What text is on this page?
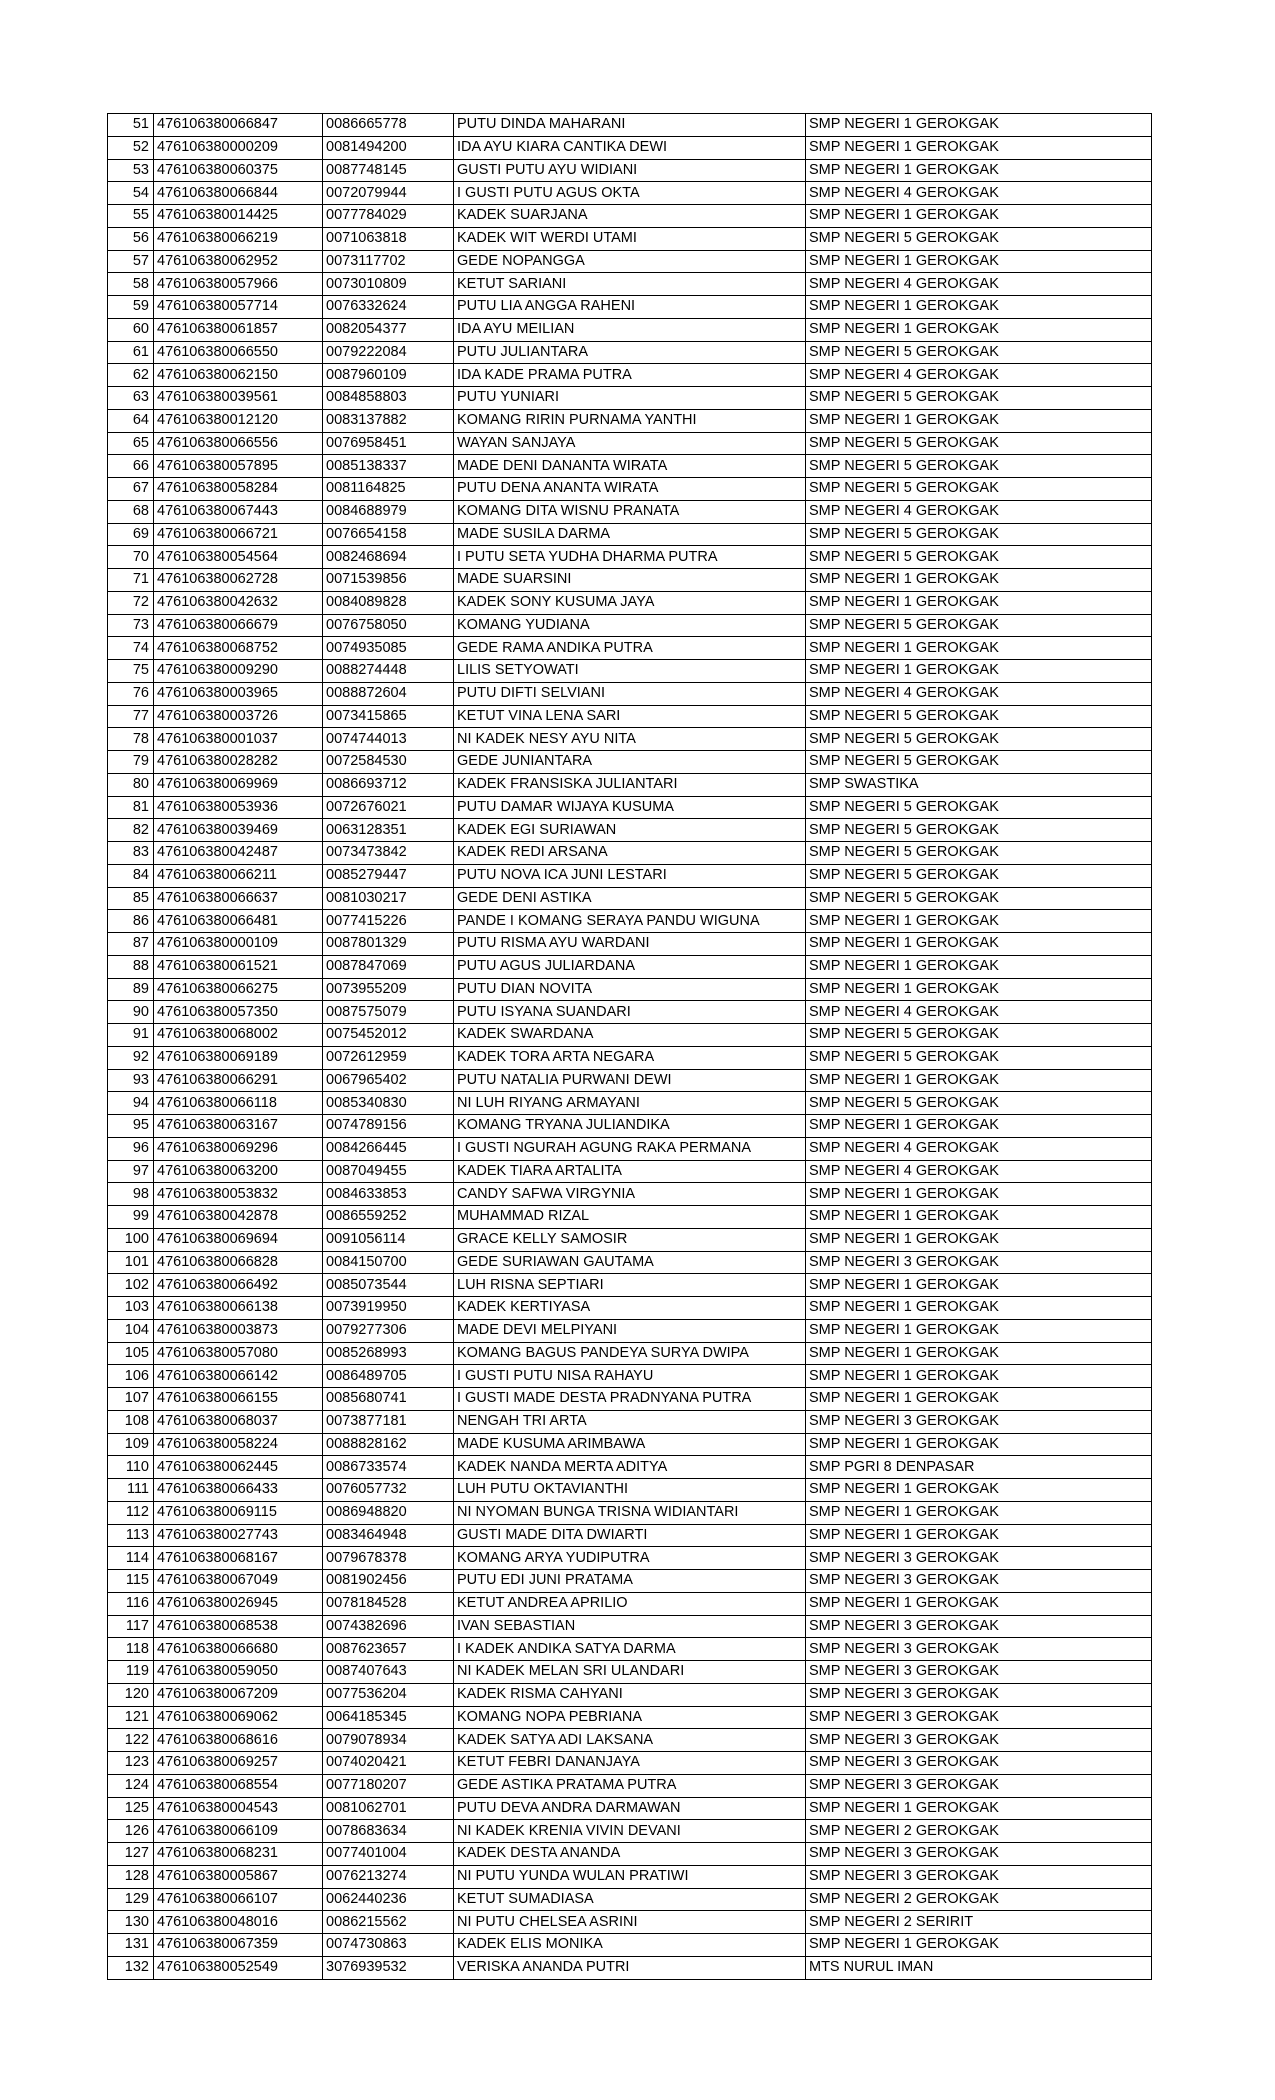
51	476106380066847	0086665778	PUTU DINDA MAHARANI	SMP NEGERI 1 GEROKGAK
52	476106380000209	0081494200	IDA AYU KIARA CANTIKA DEWI	SMP NEGERI 1 GEROKGAK
53	476106380060375	0087748145	GUSTI PUTU AYU WIDIANI	SMP NEGERI 1 GEROKGAK
54	476106380066844	0072079944	I GUSTI PUTU AGUS OKTA	SMP NEGERI 4 GEROKGAK
55	476106380014425	0077784029	KADEK SUARJANA	SMP NEGERI 1 GEROKGAK
56	476106380066219	0071063818	KADEK WIT WERDI UTAMI	SMP NEGERI 5 GEROKGAK
57	476106380062952	0073117702	GEDE NOPANGGA	SMP NEGERI 1 GEROKGAK
58	476106380057966	0073010809	KETUT SARIANI	SMP NEGERI 4 GEROKGAK
59	476106380057714	0076332624	PUTU LIA ANGGA RAHENI	SMP NEGERI 1 GEROKGAK
60	476106380061857	0082054377	IDA AYU MEILIAN	SMP NEGERI 1 GEROKGAK
61	476106380066550	0079222084	PUTU JULIANTARA	SMP NEGERI 5 GEROKGAK
62	476106380062150	0087960109	IDA KADE PRAMA PUTRA	SMP NEGERI 4 GEROKGAK
63	476106380039561	0084858803	PUTU YUNIARI	SMP NEGERI 5 GEROKGAK
64	476106380012120	0083137882	KOMANG RIRIN PURNAMA YANTHI	SMP NEGERI 1 GEROKGAK
65	476106380066556	0076958451	WAYAN SANJAYA	SMP NEGERI 5 GEROKGAK
66	476106380057895	0085138337	MADE DENI DANANTA WIRATA	SMP NEGERI 5 GEROKGAK
67	476106380058284	0081164825	PUTU DENA ANANTA WIRATA	SMP NEGERI 5 GEROKGAK
68	476106380067443	0084688979	KOMANG DITA WISNU PRANATA	SMP NEGERI 4 GEROKGAK
69	476106380066721	0076654158	MADE SUSILA DARMA	SMP NEGERI 5 GEROKGAK
70	476106380054564	0082468694	I PUTU SETA YUDHA DHARMA PUTRA	SMP NEGERI 5 GEROKGAK
71	476106380062728	0071539856	MADE SUARSINI	SMP NEGERI 1 GEROKGAK
72	476106380042632	0084089828	KADEK SONY KUSUMA JAYA	SMP NEGERI 1 GEROKGAK
73	476106380066679	0076758050	KOMANG YUDIANA	SMP NEGERI 5 GEROKGAK
74	476106380068752	0074935085	GEDE RAMA ANDIKA PUTRA	SMP NEGERI 1 GEROKGAK
75	476106380009290	0088274448	LILIS SETYOWATI	SMP NEGERI 1 GEROKGAK
76	476106380003965	0088872604	PUTU DIFTI SELVIANI	SMP NEGERI 4 GEROKGAK
77	476106380003726	0073415865	KETUT VINA LENA SARI	SMP NEGERI 5 GEROKGAK
78	476106380001037	0074744013	NI KADEK NESY AYU NITA	SMP NEGERI 5 GEROKGAK
79	476106380028282	0072584530	GEDE JUNIANTARA	SMP NEGERI 5 GEROKGAK
80	476106380069969	0086693712	KADEK FRANSISKA JULIANTARI	SMP SWASTIKA
81	476106380053936	0072676021	PUTU DAMAR WIJAYA KUSUMA	SMP NEGERI 5 GEROKGAK
82	476106380039469	0063128351	KADEK EGI SURIAWAN	SMP NEGERI 5 GEROKGAK
83	476106380042487	0073473842	KADEK REDI ARSANA	SMP NEGERI 5 GEROKGAK
84	476106380066211	0085279447	PUTU NOVA ICA JUNI LESTARI	SMP NEGERI 5 GEROKGAK
85	476106380066637	0081030217	GEDE DENI ASTIKA	SMP NEGERI 5 GEROKGAK
86	476106380066481	0077415226	PANDE I KOMANG SERAYA PANDU WIGUNA	SMP NEGERI 1 GEROKGAK
87	476106380000109	0087801329	PUTU RISMA AYU WARDANI	SMP NEGERI 1 GEROKGAK
88	476106380061521	0087847069	PUTU AGUS JULIARDANA	SMP NEGERI 1 GEROKGAK
89	476106380066275	0073955209	PUTU DIAN NOVITA	SMP NEGERI 1 GEROKGAK
90	476106380057350	0087575079	PUTU ISYANA SUANDARI	SMP NEGERI 4 GEROKGAK
91	476106380068002	0075452012	KADEK SWARDANA	SMP NEGERI 5 GEROKGAK
92	476106380069189	0072612959	KADEK TORA ARTA NEGARA	SMP NEGERI 5 GEROKGAK
93	476106380066291	0067965402	PUTU NATALIA PURWANI DEWI	SMP NEGERI 1 GEROKGAK
94	476106380066118	0085340830	NI LUH RIYANG ARMAYANI	SMP NEGERI 5 GEROKGAK
95	476106380063167	0074789156	KOMANG TRYANA JULIANDIKA	SMP NEGERI 1 GEROKGAK
96	476106380069296	0084266445	I GUSTI NGURAH AGUNG RAKA PERMANA	SMP NEGERI 4 GEROKGAK
97	476106380063200	0087049455	KADEK TIARA ARTALITA	SMP NEGERI 4 GEROKGAK
98	476106380053832	0084633853	CANDY SAFWA VIRGYNIA	SMP NEGERI 1 GEROKGAK
99	476106380042878	0086559252	MUHAMMAD RIZAL	SMP NEGERI 1 GEROKGAK
100	476106380069694	0091056114	GRACE KELLY SAMOSIR	SMP NEGERI 1 GEROKGAK
101	476106380066828	0084150700	GEDE SURIAWAN GAUTAMA	SMP NEGERI 3 GEROKGAK
102	476106380066492	0085073544	LUH RISNA SEPTIARI	SMP NEGERI 1 GEROKGAK
103	476106380066138	0073919950	KADEK KERTIYASA	SMP NEGERI 1 GEROKGAK
104	476106380003873	0079277306	MADE DEVI MELPIYANI	SMP NEGERI 1 GEROKGAK
105	476106380057080	0085268993	KOMANG BAGUS PANDEYA SURYA DWIPA	SMP NEGERI 1 GEROKGAK
106	476106380066142	0086489705	I GUSTI PUTU NISA RAHAYU	SMP NEGERI 1 GEROKGAK
107	476106380066155	0085680741	I GUSTI MADE DESTA PRADNYANA PUTRA	SMP NEGERI 1 GEROKGAK
108	476106380068037	0073877181	NENGAH TRI ARTA	SMP NEGERI 3 GEROKGAK
109	476106380058224	0088828162	MADE KUSUMA ARIMBAWA	SMP NEGERI 1 GEROKGAK
110	476106380062445	0086733574	KADEK NANDA MERTA ADITYA	SMP PGRI 8 DENPASAR
111	476106380066433	0076057732	LUH PUTU OKTAVIANTHI	SMP NEGERI 1 GEROKGAK
112	476106380069115	0086948820	NI NYOMAN BUNGA TRISNA WIDIANTARI	SMP NEGERI 1 GEROKGAK
113	476106380027743	0083464948	GUSTI MADE DITA DWIARTI	SMP NEGERI 1 GEROKGAK
114	476106380068167	0079678378	KOMANG ARYA YUDIPUTRA	SMP NEGERI 3 GEROKGAK
115	476106380067049	0081902456	PUTU EDI JUNI PRATAMA	SMP NEGERI 3 GEROKGAK
116	476106380026945	0078184528	KETUT ANDREA APRILIO	SMP NEGERI 1 GEROKGAK
117	476106380068538	0074382696	IVAN SEBASTIAN	SMP NEGERI 3 GEROKGAK
118	476106380066680	0087623657	I KADEK ANDIKA SATYA DARMA	SMP NEGERI 3 GEROKGAK
119	476106380059050	0087407643	NI KADEK MELAN SRI ULANDARI	SMP NEGERI 3 GEROKGAK
120	476106380067209	0077536204	KADEK RISMA CAHYANI	SMP NEGERI 3 GEROKGAK
121	476106380069062	0064185345	KOMANG NOPA PEBRIANA	SMP NEGERI 3 GEROKGAK
122	476106380068616	0079078934	KADEK SATYA ADI LAKSANA	SMP NEGERI 3 GEROKGAK
123	476106380069257	0074020421	KETUT FEBRI DANANJAYA	SMP NEGERI 3 GEROKGAK
124	476106380068554	0077180207	GEDE ASTIKA PRATAMA PUTRA	SMP NEGERI 3 GEROKGAK
125	476106380004543	0081062701	PUTU DEVA ANDRA DARMAWAN	SMP NEGERI 1 GEROKGAK
126	476106380066109	0078683634	NI KADEK KRENIA VIVIN DEVANI	SMP NEGERI 2 GEROKGAK
127	476106380068231	0077401004	KADEK DESTA ANANDA	SMP NEGERI 3 GEROKGAK
128	476106380005867	0076213274	NI PUTU YUNDA WULAN PRATIWI	SMP NEGERI 3 GEROKGAK
129	476106380066107	0062440236	KETUT SUMADIASA	SMP NEGERI 2 GEROKGAK
130	476106380048016	0086215562	NI PUTU CHELSEA ASRINI	SMP NEGERI 2 SERIRIT
131	476106380067359	0074730863	KADEK ELIS MONIKA	SMP NEGERI 1 GEROKGAK
132	476106380052549	3076939532	VERISKA ANANDA PUTRI	MTS NURUL IMAN
